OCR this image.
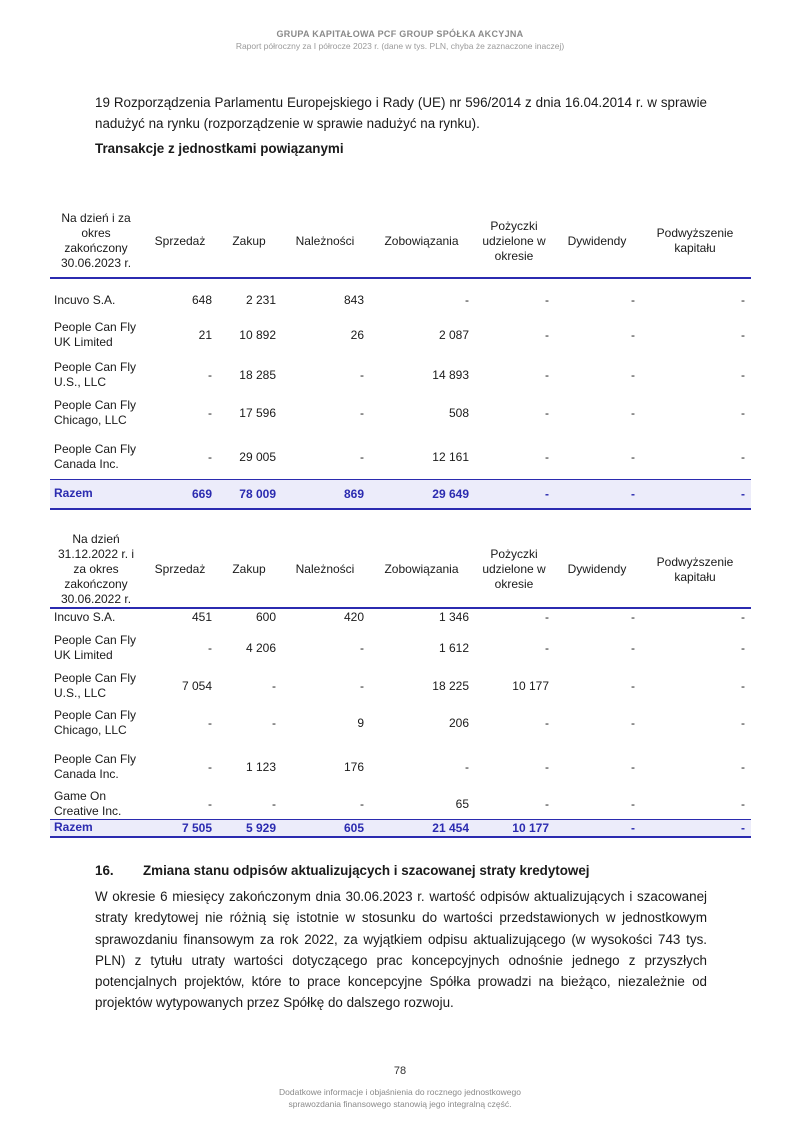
GRUPA KAPITAŁOWA PCF GROUP SPÓŁKA AKCYJNA
Raport półroczny za I półrocze 2023 r. (dane w tys. PLN, chyba że zaznaczone inaczej)
19 Rozporządzenia Parlamentu Europejskiego i Rady (UE) nr 596/2014 z dnia 16.04.2014 r. w sprawie nadużyć na rynku (rozporządzenie w sprawie nadużyć na rynku).
Transakcje z jednostkami powiązanymi
Na dzień i za okres zakończony 30.06.2023 r.	Sprzedaż	Zakup	Należności	Zobowiązania	Pożyczki udzielone w okresie	Dywidendy	Podwyższenie kapitału

Incuvo S.A.	648	2 231	843	-	-	-	-
People Can Fly UK Limited	21	10 892	26	2 087	-	-	-
People Can Fly U.S., LLC	-	18 285	-	14 893	-	-	-
People Can Fly Chicago, LLC	-	17 596	-	508	-	-	-
People Can Fly Canada Inc.	-	29 005	-	12 161	-	-	-
Razem	669	78 009	869	29 649	-	-	-
Na dzień 31.12.2022 r. i za okres zakończony 30.06.2022 r.	Sprzedaż	Zakup	Należności	Zobowiązania	Pożyczki udzielone w okresie	Dywidendy	Podwyższenie kapitału
Incuvo S.A.	451	600	420	1 346	-	-	-
People Can Fly UK Limited	-	4 206	-	1 612	-	-	-
People Can Fly U.S., LLC	7 054	-	-	18 225	10 177	-	-
People Can Fly Chicago, LLC	-	-	9	206	-	-	-
People Can Fly Canada Inc.	-	1 123	176	-	-	-	-
Game On Creative Inc.	-	-	-	65	-	-	-
Razem	7 505	5 929	605	21 454	10 177	-	-
16. Zmiana stanu odpisów aktualizujących i szacowanej straty kredytowej
W okresie 6 miesięcy zakończonym dnia 30.06.2023 r. wartość odpisów aktualizujących i szacowanej straty kredytowej nie różnią się istotnie w stosunku do wartości przedstawionych w jednostkowym sprawozdaniu finansowym za rok 2022, za wyjątkiem odpisu aktualizującego (w wysokości 743 tys. PLN) z tytułu utraty wartości dotyczącego prac koncepcyjnych odnośnie jednego z przyszłych potencjalnych projektów, które to prace koncepcyjne Spółka prowadzi na bieżąco, niezależnie od projektów wytypowanych przez Spółkę do dalszego rozwoju.
78
Dodatkowe informacje i objaśnienia do rocznego jednostkowego
sprawozdania finansowego stanowią jego integralną część.
